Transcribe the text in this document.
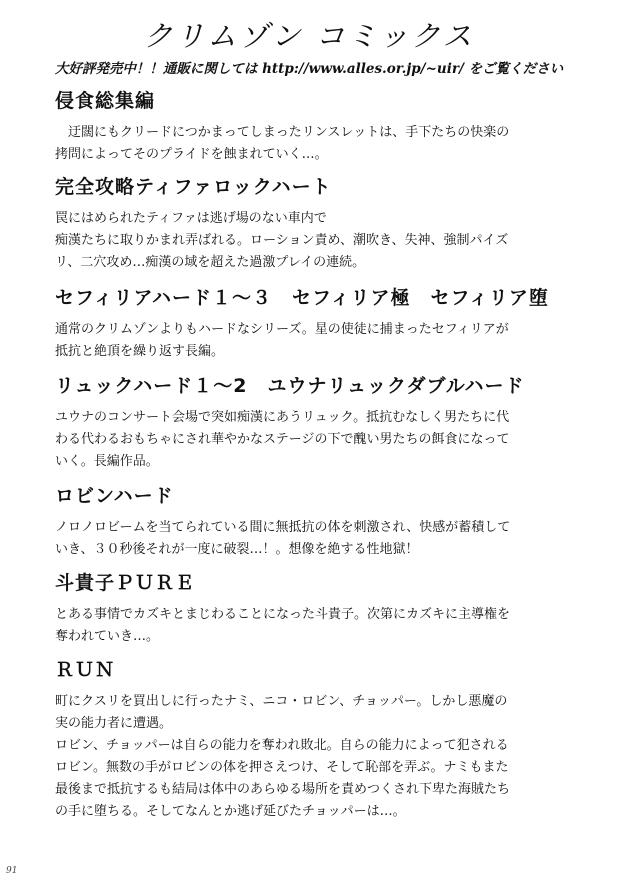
クリムゾン コミックス
大好評発売中！！通販に関しては http://www.alles.or.jp/~uir/ をご覧ください
侵食総集編

　迂闊にもクリードにつかまってしまったリンスレットは、手下たちの快楽の
拷問によってそのプライドを蝕まれていく…。

完全攻略ティファロックハート

罠にはめられたティファは逃げ場のない車内で
痴漢たちに取りかまれ弄ばれる。ローション責め、潮吹き、失神、強制パイズ
リ、二穴攻め…痴漢の域を超えた過激プレイの連続。

セフィリアハード１～３　セフィリア極　セフィリア堕

通常のクリムゾンよりもハードなシリーズ。星の使徒に捕まったセフィリアが
抵抗と絶頂を繰り返す長編。

リュックハード１～2　ユウナリュックダブルハード

ユウナのコンサート会場で突如痴漢にあうリュック。抵抗むなしく男たちに代
わる代わるおもちゃにされ華やかなステージの下で醜い男たちの餌食になって
いく。長編作品。

ロビンハード

ノロノロビームを当てられている間に無抵抗の体を刺激され、快感が蓄積して
いき、３０秒後それが一度に破裂…！。想像を絶する性地獄！

斗貴子ＰＵＲＥ

とある事情でカズキとまじわることになった斗貴子。次第にカズキに主導権を
奪われていき…。

ＲＵＮ

町にクスリを買出しに行ったナミ、ニコ・ロビン、チョッパー。しかし悪魔の
実の能力者に遭遇。
ロビン、チョッパーは自らの能力を奪われ敗北。自らの能力によって犯される
ロビン。無数の手がロビンの体を押さえつけ、そして恥部を弄ぶ。ナミもまた
最後まで抵抗するも結局は体中のあらゆる場所を責めつくされ下卑た海賊たち
の手に堕ちる。そしてなんとか逃げ延びたチョッパーは…。

91
